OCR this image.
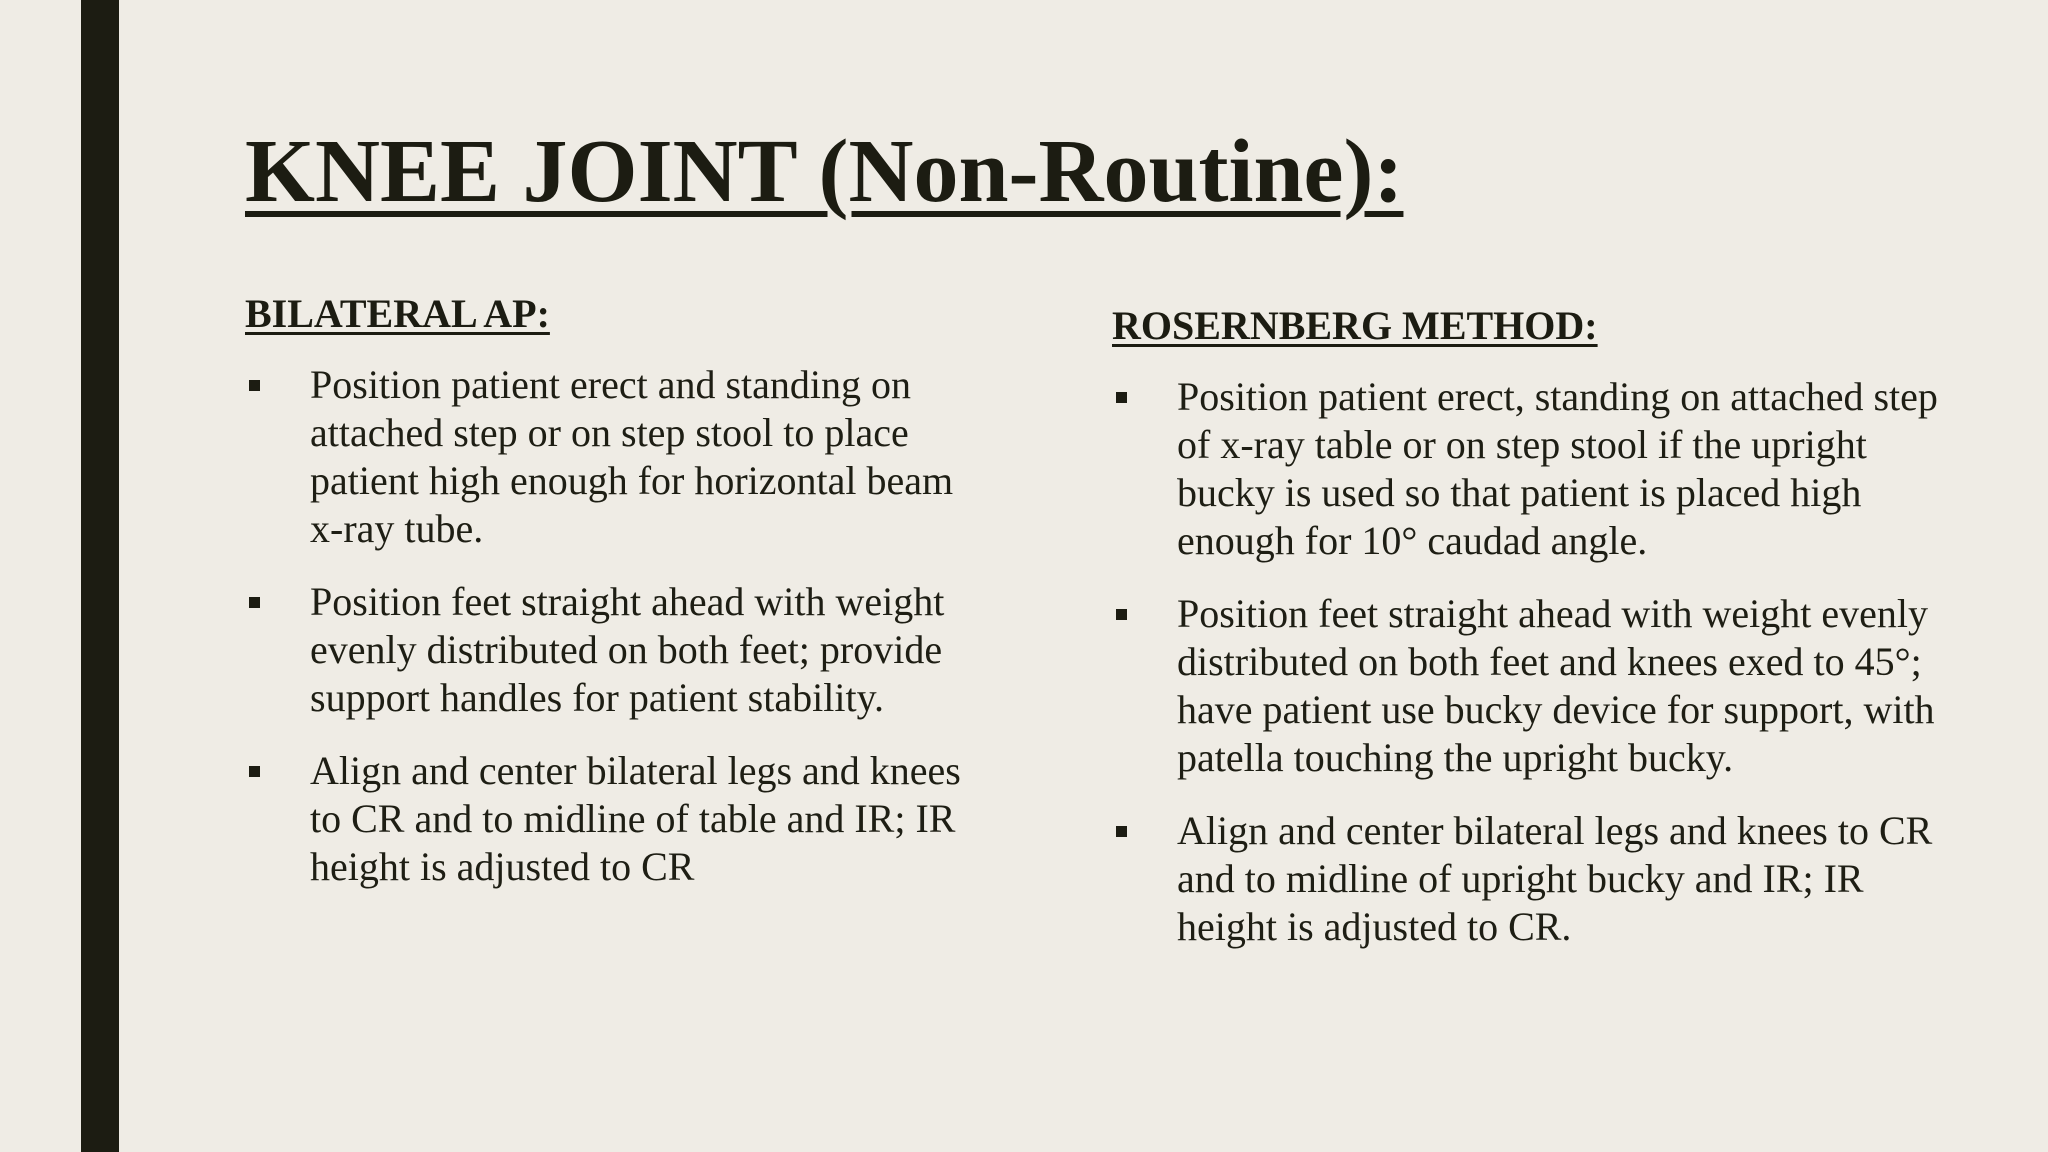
KNEE JOINT (Non-Routine):
BILATERAL AP:
Position patient erect and standing on attached step or on step stool to place patient high enough for horizontal beam x-ray tube.
Position feet straight ahead with weight evenly distributed on both feet; provide support handles for patient stability.
Align and center bilateral legs and knees to CR and to midline of table and IR; IR height is adjusted to CR
ROSERNBERG METHOD:
Position patient erect, standing on attached step of x-ray table or on step stool if the upright bucky is used so that patient is placed high enough for 10° caudad angle.
Position feet straight ahead with weight evenly distributed on both feet and knees exed to 45°; have patient use bucky device for support, with patella touching the upright bucky.
Align and center bilateral legs and knees to CR and to midline of upright bucky and IR; IR height is adjusted to CR.
